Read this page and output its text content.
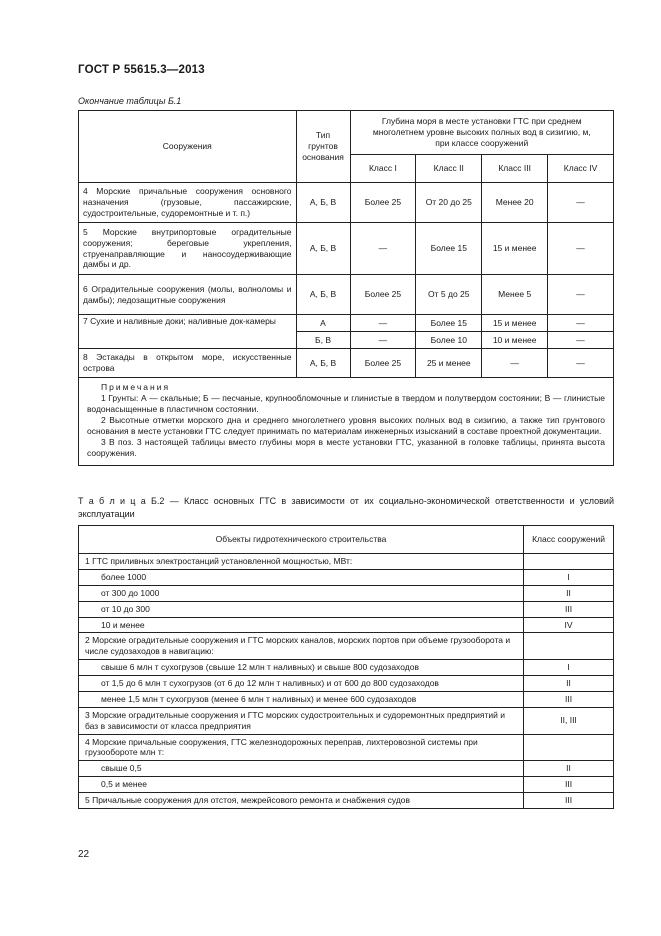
ГОСТ Р 55615.3—2013
Окончание таблицы Б.1
Сооружения	Тип грунтов основания	Глубина моря в месте установки ГТС при среднем многолетнем уровне высоких полных вод в сизигию, м, при классе сооружений			
		Класс I	Класс II	Класс III	Класс IV
4 Морские причальные сооружения основного назначения (грузовые, пассажирские, судостроительные, судоремонтные и т. п.)	А, Б, В	Более 25	От 20 до 25	Менее 20	—
5 Морские внутрипортовые оградительные сооружения; береговые укрепления, струенаправляющие и наносоудерживающие дамбы и др.	А, Б, В	—	Более 15	15 и менее	—
6 Оградительные сооружения (молы, волноломы и дамбы); ледозащитные сооружения	А, Б, В	Более 25	От 5 до 25	Менее 5	—
7 Сухие и наливные доки; наливные док-камеры	А	—	Более 15	15 и менее	—
	Б, В	—	Более 10	10 и менее	—
8 Эстакады в открытом море, искусственные острова	А, Б, В	Более 25	25 и менее	—	—

Примечания
1 Грунты: А — скальные; Б — песчаные, крупнообломочные и глинистые в твердом и полутвердом состоянии; В — глинистые водонасыщенные в пластичном состоянии.
2 Высотные отметки морского дна и среднего многолетнего уровня высоких полных вод в сизигию, а также тип грунтового основания в месте установки ГТС следует принимать по материалам инженерных изысканий в составе проектной документации.
3 В поз. 3 настоящей таблицы вместо глубины моря в месте установки ГТС, указанной в головке таблицы, принята высота сооружения.					
Т а б л и ц а Б.2 — Класс основных ГТС в зависимости от их социально-экономической ответственности и условий эксплуатации
Объекты гидротехнического строительства	Класс сооружений
1 ГТС приливных электростанций установленной мощностью, МВт:	
более 1000	I
от 300 до 1000	II
от 10 до 300	III
10 и менее	IV
2 Морские оградительные сооружения и ГТС морских каналов, морских портов при объеме грузооборота и числе судозаходов в навигацию:	
свыше 6 млн т сухогрузов (свыше 12 млн т наливных) и свыше 800 судозаходов	I
от 1,5 до 6 млн т сухогрузов (от 6 до 12 млн т наливных) и от 600 до 800 судозаходов	II
менее 1,5 млн т сухогрузов (менее 6 млн т наливных) и менее 600 судозаходов	III
3 Морские оградительные сооружения и ГТС морских судостроительных и судоремонтных предприятий и баз в зависимости от класса предприятия	II, III
4 Морские причальные сооружения, ГТС железнодорожных переправ, лихтеровозной системы при грузообороте млн т:	
свыше 0,5	II
0,5 и менее	III
5 Причальные сооружения для отстоя, межрейсового ремонта и снабжения судов	III
22
